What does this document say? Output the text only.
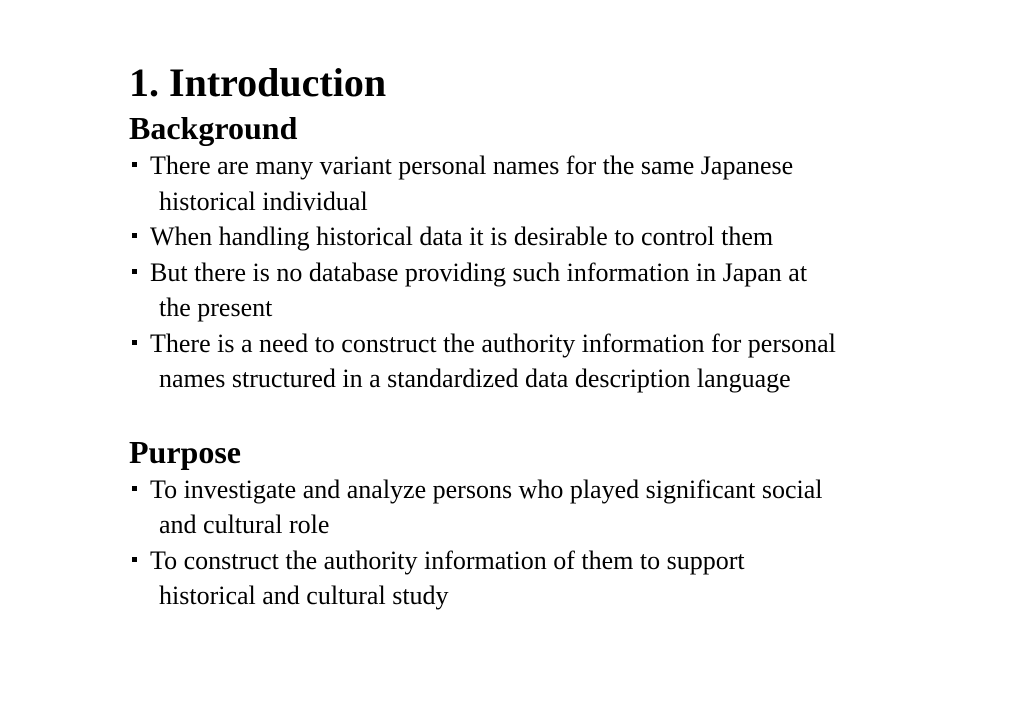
1. Introduction
Background
There are many variant personal names for the same Japanese
historical individual
When handling historical data it is desirable to control them
But there is no database providing such information in Japan at
the present
There is a need to construct the authority information for personal
names structured in a standardized data description language
Purpose
To investigate and analyze persons who played significant social
and cultural role
To construct the authority information of them to support
historical and cultural study
